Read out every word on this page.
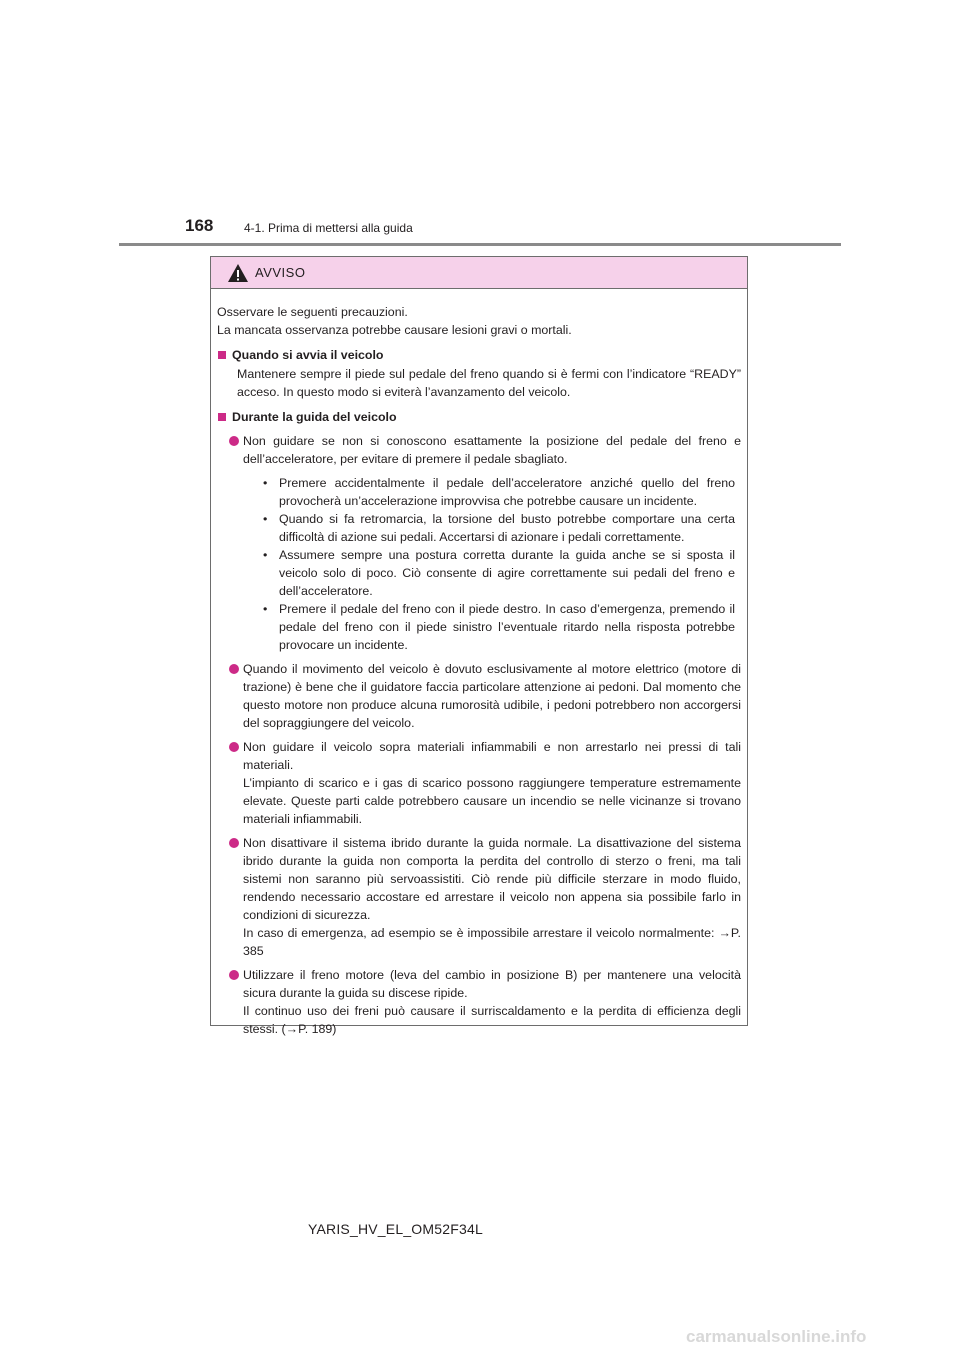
168	4-1. Prima di mettersi alla guida
AVVISO

Osservare le seguenti precauzioni.

La mancata osservanza potrebbe causare lesioni gravi o mortali.

Quando si avvia il veicolo

Mantenere sempre il piede sul pedale del freno quando si è fermi con l’indicatore “READY” acceso. In questo modo si eviterà l’avanzamento del veicolo.

Durante la guida del veicolo

Non guidare se non si conoscono esattamente la posizione del pedale del freno e dell’acceleratore, per evitare di premere il pedale sbagliato.

• Premere accidentalmente il pedale dell’acceleratore anziché quello del freno provocherà un’accelerazione improvvisa che potrebbe causare un incidente.
• Quando si fa retromarcia, la torsione del busto potrebbe comportare una certa difficoltà di azione sui pedali. Accertarsi di azionare i pedali correttamente.
• Assumere sempre una postura corretta durante la guida anche se si sposta il veicolo solo di poco. Ciò consente di agire correttamente sui pedali del freno e dell’acceleratore.
• Premere il pedale del freno con il piede destro. In caso d’emergenza, premendo il pedale del freno con il piede sinistro l’eventuale ritardo nella risposta potrebbe provocare un incidente.

Quando il movimento del veicolo è dovuto esclusivamente al motore elettrico (motore di trazione) è bene che il guidatore faccia particolare attenzione ai pedoni. Dal momento che questo motore non produce alcuna rumorosità udibile, i pedoni potrebbero non accorgersi del sopraggiungere del veicolo.

Non guidare il veicolo sopra materiali infiammabili e non arrestarlo nei pressi di tali materiali.

L’impianto di scarico e i gas di scarico possono raggiungere temperature estremamente elevate. Queste parti calde potrebbero causare un incendio se nelle vicinanze si trovano materiali infiammabili.

Non disattivare il sistema ibrido durante la guida normale. La disattivazione del sistema ibrido durante la guida non comporta la perdita del controllo di sterzo o freni, ma tali sistemi non saranno più servoassistiti. Ciò rende più difficile sterzare in modo fluido, rendendo necessario accostare ed arrestare il veicolo non appena sia possibile farlo in condizioni di sicurezza.

In caso di emergenza, ad esempio se è impossibile arrestare il veicolo normalmente: →P. 385

Utilizzare il freno motore (leva del cambio in posizione B) per mantenere una velocità sicura durante la guida su discese ripide.

Il continuo uso dei freni può causare il surriscaldamento e la perdita di efficienza degli stessi. (→P. 189)

YARIS_HV_EL_OM52F34L
carmanualsonline.info
